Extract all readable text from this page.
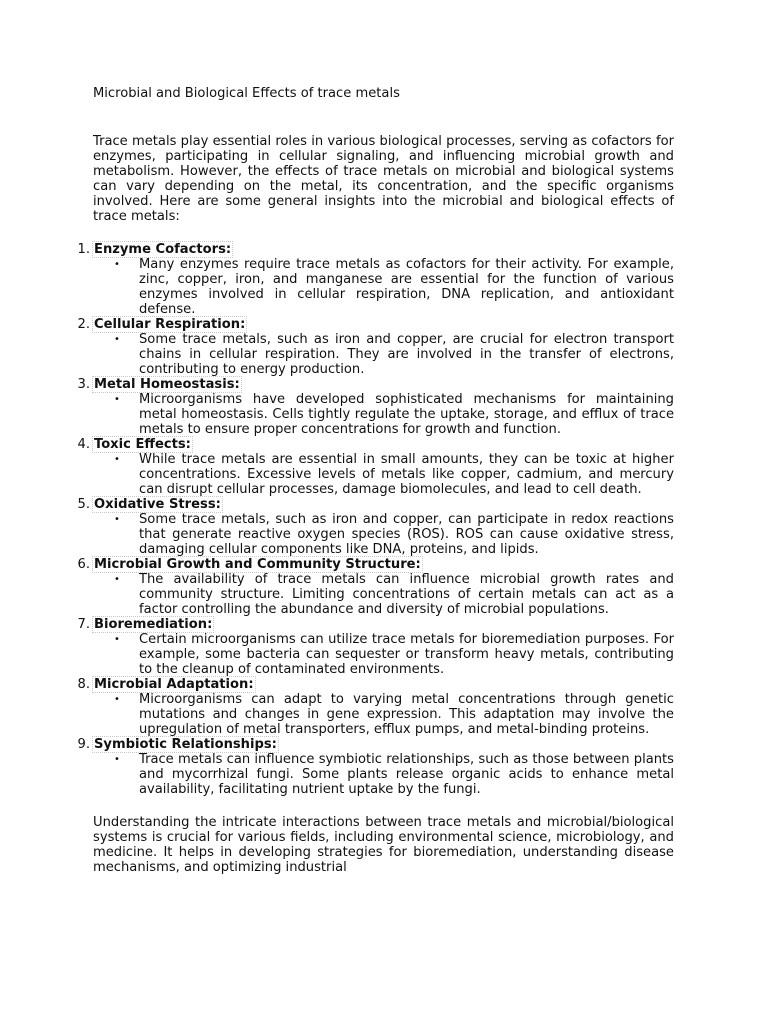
Microbial and Biological Effects of trace metals

Trace metals play essential roles in various biological processes, serving as cofactors for enzymes, participating in cellular signaling, and influencing microbial growth and metabolism. However, the effects of trace metals on microbial and biological systems can vary depending on the metal, its concentration, and the specific organisms involved. Here are some general insights into the microbial and biological effects of trace metals:

1. Enzyme Cofactors:
• Many enzymes require trace metals as cofactors for their activity. For example, zinc, copper, iron, and manganese are essential for the function of various enzymes involved in cellular respiration, DNA replication, and antioxidant defense.
2. Cellular Respiration:
• Some trace metals, such as iron and copper, are crucial for electron transport chains in cellular respiration. They are involved in the transfer of electrons, contributing to energy production.
3. Metal Homeostasis:
• Microorganisms have developed sophisticated mechanisms for maintaining metal homeostasis. Cells tightly regulate the uptake, storage, and efflux of trace metals to ensure proper concentrations for growth and function.
4. Toxic Effects:
• While trace metals are essential in small amounts, they can be toxic at higher concentrations. Excessive levels of metals like copper, cadmium, and mercury can disrupt cellular processes, damage biomolecules, and lead to cell death.
5. Oxidative Stress:
• Some trace metals, such as iron and copper, can participate in redox reactions that generate reactive oxygen species (ROS). ROS can cause oxidative stress, damaging cellular components like DNA, proteins, and lipids.
6. Microbial Growth and Community Structure:
• The availability of trace metals can influence microbial growth rates and community structure. Limiting concentrations of certain metals can act as a factor controlling the abundance and diversity of microbial populations.
7. Bioremediation:
• Certain microorganisms can utilize trace metals for bioremediation purposes. For example, some bacteria can sequester or transform heavy metals, contributing to the cleanup of contaminated environments.
8. Microbial Adaptation:
• Microorganisms can adapt to varying metal concentrations through genetic mutations and changes in gene expression. This adaptation may involve the upregulation of metal transporters, efflux pumps, and metal-binding proteins.
9. Symbiotic Relationships:
• Trace metals can influence symbiotic relationships, such as those between plants and mycorrhizal fungi. Some plants release organic acids to enhance metal availability, facilitating nutrient uptake by the fungi.

Understanding the intricate interactions between trace metals and microbial/biological systems is crucial for various fields, including environmental science, microbiology, and medicine. It helps in developing strategies for bioremediation, understanding disease mechanisms, and optimizing industrial
